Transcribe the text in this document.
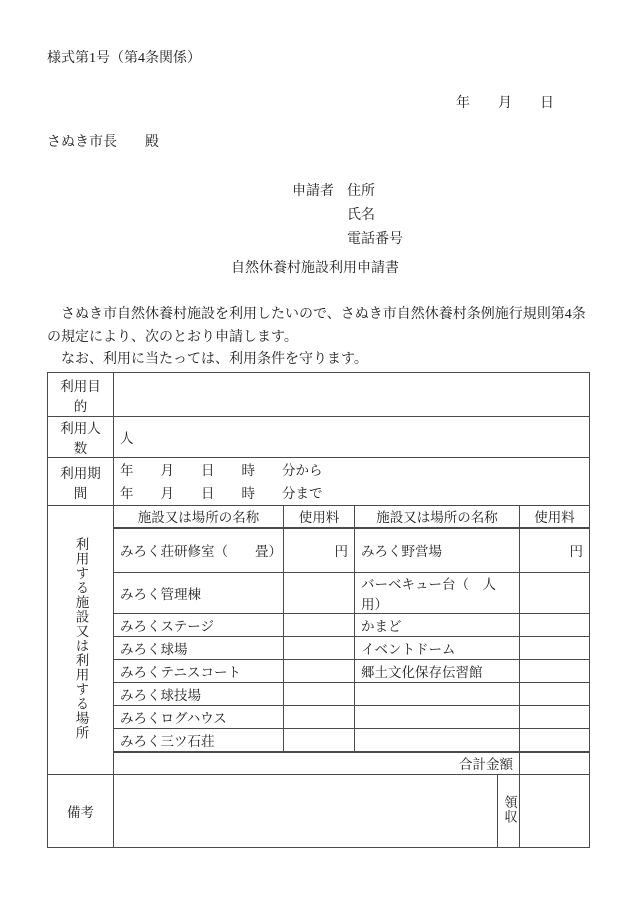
様式第1号（第4条関係）
年　　月　　日
さぬき市長　　殿
申請者 住所
氏名
電話番号
自然休養村施設利用申請書
　さぬき市自然休養村施設を利用したいので、さぬき市自然休養村条例施行規則第4条
の規定により、次のとおり申請します。
　なお、利用に当たっては、利用条件を守ります。
利用目的					
利用人数	人				
利用期間	年　　月　　日　　時　　分から
年　　月　　日　　時　　分まで				

利用する施設又は利用する場所	施設又は場所の名称	使用料	施設又は場所の名称		使用料
	みろく荘研修室（　　畳）	円	みろく野営場		円
	みろく管理棟		バーベキュー台（　人用）		
	みろくステージ		かまど		
	みろく球場		イベントドーム		
	みろくテニスコート		郷土文化保存伝習館		
	みろく球技場				
	みろくログハウス				
	みろく三ツ石荘				
	合計金額				
備考				領収	
